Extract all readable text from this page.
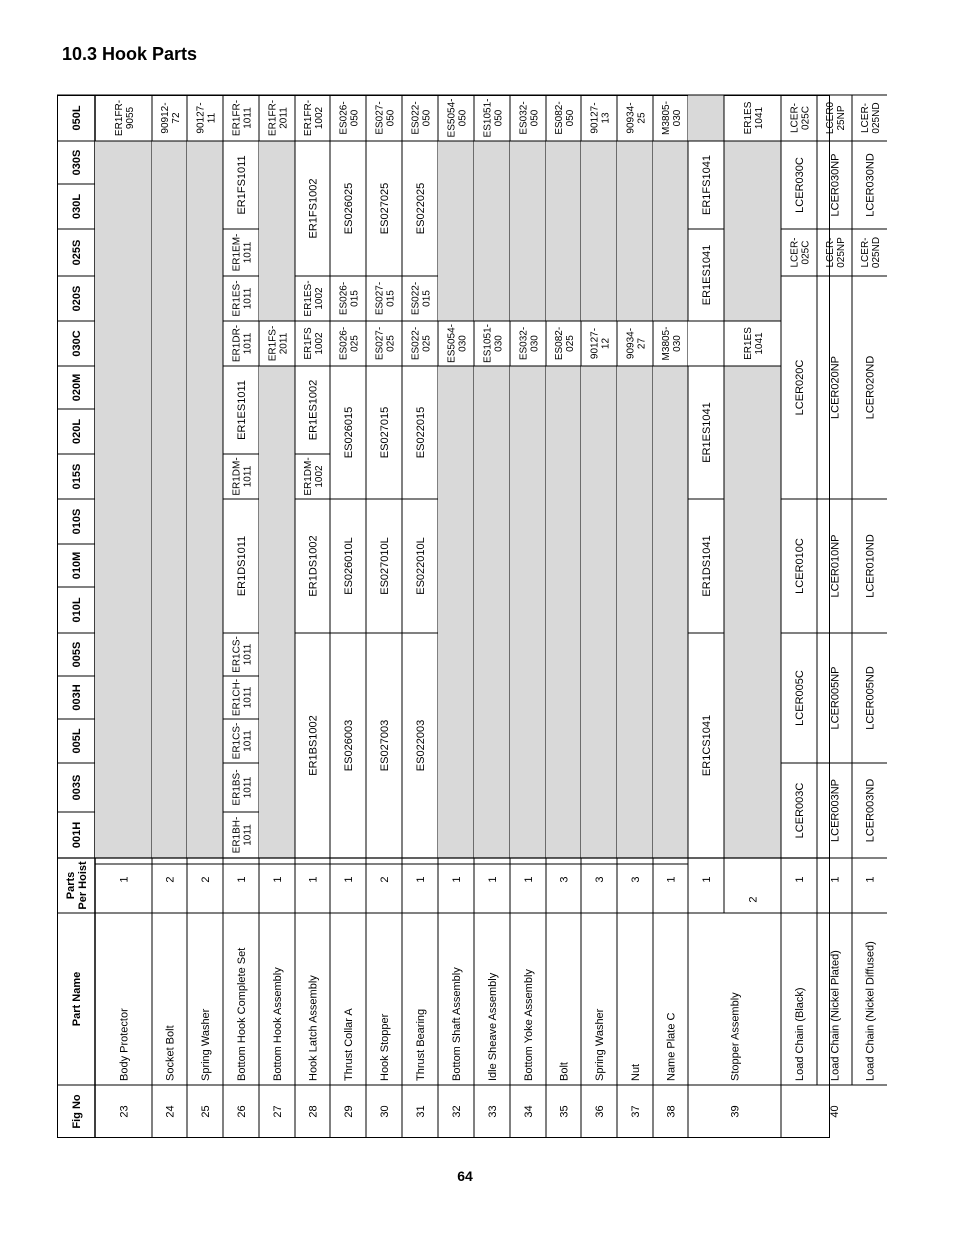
10.3 Hook Parts
001H
003S
005L
003H
005S
010L
010M
010S
015S
020L
020M
030C
020S
025S
030L
030S
050L
Parts Per Hoist
Part Name
Fig No
ER1FR- 9055
1
Body Protector
23
90912- 72
2
Socket Bolt
24
90127- 11
2
Spring Washer
25
ER1BH- 1011
ER1BS- 1011
ER1CS- 1011
ER1CH- 1011
ER1CS- 1011
ER1DS1011
ER1DM- 1011
ER1ES1011
ER1DR- 1011
ER1ES- 1011
ER1EM- 1011
ER1FS1011
ER1FR- 1011
1
Bottom Hook Complete Set
26
ER1FS- 2011
ER1FR- 2011
1
Bottom Hook Assembly
27
ER1BS1002
ER1DS1002
ER1DM- 1002
ER1ES1002
ER1FS 1002
ER1ES- 1002
ER1FS1002
ER1FR- 1002
1
Hook Latch Assembly
28
ES026003
ES026010L
ES026015
ES026- 025
ES026- 015
ES026025
ES026- 050
1
Thrust Collar A
29
ES027003
ES027010L
ES027015
ES027- 025
ES027- 015
ES027025
ES027- 050
2
Hook Stopper
30
ES022003
ES022010L
ES022015
ES022- 025
ES022- 015
ES022025
ES022- 050
1
Thrust Bearing
31
ES5054- 030
ES5054- 050
1
Bottom Shaft Assembly
32
ES1051- 030
ES1051- 050
1
Idle Sheave Assembly
33
ES032- 030
ES032- 050
1
Bottom Yoke Assembly
34
ES082- 025
ES082- 050
3
Bolt
35
90127- 12
90127- 13
3
Spring Washer
36
90934- 27
90934- 25
3
Nut
37
M3805- 030
M3805- 030
1
Name Plate C
38
ER1CS1041
ER1DS1041
ER1ES1041
ER1ES1041
ER1FS1041
ER1ES 1041
ER1ES 1041
1
2
Stopper Assembly
39
LCER003C
LCER005C
LCER010C
LCER020C
LCER- 025C
LCER030C
LCER- 025C
1
Load Chain (Black)
LCER003NP
LCER005NP
LCER010NP
LCER020NP
LCER- 025NP
LCER030NP
LCER0 25NP
1
Load Chain (Nickel Plated)
LCER003ND
LCER005ND
LCER010ND
LCER020ND
LCER- 025ND
LCER030ND
LCER- 025ND
1
Load Chain (Nickel Diffused)
40
64
